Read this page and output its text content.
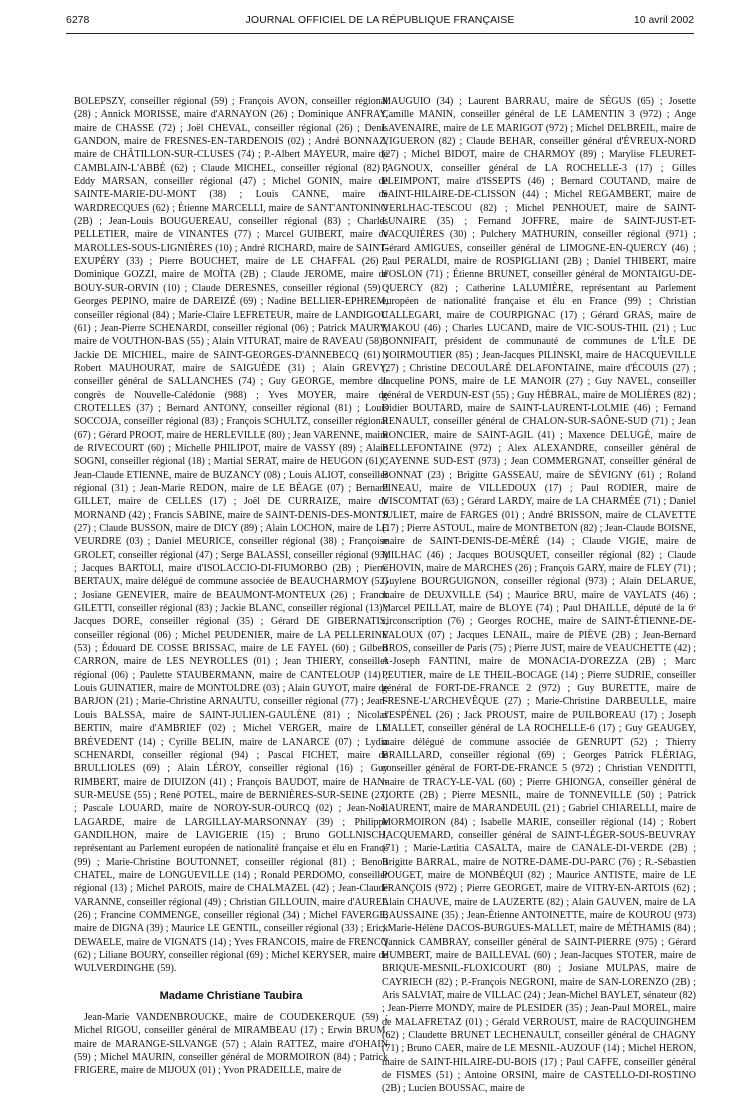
6278	JOURNAL OFFICIEL DE LA RÉPUBLIQUE FRANÇAISE	10 avril 2002

BOLEPSZY, conseiller régional (59) ; François AVON, conseiller régional (28) ; Annick MORISSE, maire d'ARNAYON (26) ; Dominique ANFRAY, maire de CHASSE (72) ; Joël CHEVAL, conseiller régional (26) ; Denis GANDON, maire de FRESNES-EN-TARDENOIS (02) ; André BONNAZ, maire de CHÂTILLON-SUR-CLUSES (74) ; P.-Albert MAYEUR, maire de CAMBLAIN-L'ABBÉ (62) ; Claude MICHEL, conseiller régional (82) ; Eddy MARSAN, conseiller régional (47) ; Michel GONIN, maire de SAINTE-MARIE-DU-MONT (38) ; Louis CANNE, maire de WARDRECQUES (62) ; Étienne MARCELLI, maire de SANT'ANTONINO (2B) ; Jean-Louis BOUGUEREAU, conseiller régional (83) ; Charles PELLETIER, maire de VINANTES (77) ; Marcel GUIBERT, maire de MAROLLES-SOUS-LIGNIÈRES (10) ; André RICHARD, maire de SAINT-EXUPÉRY (33) ; Pierre BOUCHET, maire de LE CHAFFAL (26) ; Dominique GOZZI, maire de MOÏTA (2B) ; Claude JEROME, maire de BOUY-SUR-ORVIN (10) ; Claude DERESNES, conseiller régional (59) ; Georges PEPINO, maire de DAREIZÉ (69) ; Nadine BELLIER-EPHREM, conseiller régional (84) ; Marie-Claire LEFRETEUR, maire de LANDIGOU (61) ; Jean-Pierre SCHENARDI, conseiller régional (06) ; Patrick MAURY, maire de VOUTHON-BAS (55) ; Alain VITURAT, maire de RAVEAU (58) ; Jackie DE MICHIEL, maire de SAINT-GEORGES-D'ANNEBECQ (61) ; Robert MAUHOURAT, maire de SAIGUÈDE (31) ; Alain GREVY, conseiller général de SALLANCHES (74) ; Guy GEORGE, membre du congrès de Nouvelle-Calédonie (988) ; Yves MOYER, maire de CROTELLES (37) ; Bernard ANTONY, conseiller régional (81) ; Louis SOCCOJA, conseiller régional (83) ; François SCHULTZ, conseiller régional (67) ; Gérard PROOT, maire de HERLEVILLE (80) ; Jean VARENNE, maire de RIVECOURT (60) ; Michelle PHILIPOT, maire de VASSY (89) ; Alain SOGNI, conseiller régional (18) ; Martial SERAT, maire de HEUGON (61) ; Jean-Claude ETIENNE, maire de BUZANCY (08) ; Louis ALIOT, conseiller régional (31) ; Jean-Marie REDON, maire de LE BÉAGE (07) ; Bernard GILLET, maire de CELLES (17) ; Joël DE CURRAIZE, maire de MORNAND (42) ; Francis SABINE, maire de SAINT-DENIS-DES-MONTS (27) ; Claude BUSSON, maire de DICY (89) ; Alain LOCHON, maire de LE VEURDRE (03) ; Daniel MEURICE, conseiller régional (38) ; Françoise GROLET, conseiller régional (47) ; Serge BALASSI, conseiller régional (93) ; Jacques BARTOLI, maire d'ISOLACCIO-DI-FIUMORBO (2B) ; Pierre BERTAUX, maire délégué de commune associée de BEAUCHARMOY (52) ; Josiane GENEVIER, maire de BEAUMONT-MONTEUX (26) ; Franck GILETTI, conseiller régional (83) ; Jackie BLANC, conseiller régional (13) ; Jacques DORE, conseiller régional (35) ; Gérard DE GIBERNATIS, conseiller régional (06) ; Michel PEUDENIER, maire de LA PELLERINE (53) ; Édouard DE COSSE BRISSAC, maire de LE FAYEL (60) ; Gilbert CARRON, maire de LES NEYROLLES (01) ; Jean THIERY, conseiller régional (06) ; Paulette STAUBERMANN, maire de CANTELOUP (14) ; Louis GUINATIER, maire de MONTOLDRE (03) ; Alain GUYOT, maire de BARJON (21) ; Marie-Christine ARNAUTU, conseiller régional (77) ; Jean-Louis BALSSA, maire de SAINT-JULIEN-GAULÈNE (81) ; Nicolas BERTIN, maire d'AMBRIEF (02) ; Michel VERGER, maire de LE BRÉVEDENT (14) ; Cyrille BELIN, maire de LANARCE (07) ; Lydia SCHENARDI, conseiller régional (94) ; Pascal FICHET, maire de BRULLIOLES (69) ; Alain LÉROY, conseiller régional (16) ; Guy RIMBERT, maire de DIUIZON (41) ; François BAUDOT, maire de HAN-SUR-MEUSE (55) ; René POTEL, maire de BERNIÈRES-SUR-SEINE (27) ; Pascale LOUARD, maire de NOROY-SUR-OURCQ (02) ; Jean-Noël LAGARDE, maire de LARGILLAY-MARSONNAY (39) ; Philippe GANDILHON, maire de LAVIGERIE (15) ; Bruno GOLLNISCH, représentant au Parlement européen de nationalité française et élu en France (99) ; Marie-Christine BOUTONNET, conseiller régional (81) ; Benoît CHATEL, maire de LONGUEVILLE (14) ; Ronald PERDOMO, conseiller régional (13) ; Michel PAROIS, maire de CHALMAZEL (42) ; Jean-Claude VARANNE, conseiller régional (49) ; Christian GILLOUIN, maire d'AUREL (26) ; Francine COMMENGE, conseiller régional (34) ; Michel FAVERGE, maire de DIGNA (39) ; Maurice LE GENTIL, conseiller régional (33) ; Erick DEWAELE, maire de VIGNATS (14) ; Yves FRANCOIS, maire de FRENCQ (62) ; Liliane BOURY, conseiller régional (69) ; Michel KERYSER, maire de WULVERDINGHE (59).

Madame Christiane Taubira

Jean-Marie VANDENBROUCKE, maire de COUDEKERQUE (59) ; Michel RIGOU, conseiller général de MIRAMBEAU (17) ; Erwin BRUM, maire de MARANGE-SILVANGE (57) ; Alain RATTEZ, maire d'OHAIN (59) ; Michel MAURIN, conseiller général de MORMOIRON (84) ; Patrick FRIGERE, maire de MIJOUX (01) ; Yvon PRADEILLE, maire de

MAUGUIO (34) ; Laurent BARRAU, maire de SÉGUS (65) ; Josette Camille MANIN, conseiller général de LE LAMENTIN 3 (972) ; Ange LAVENAIRE, maire de LE MARIGOT (972) ; Michel DELBREIL, maire de VIGUERON (82) ; Claude BEHAR, conseiller général d'ÉVREUX-NORD (27) ; Michel BIDOT, maire de CHARMOY (89) ; Marylise FLEURET-PAGNOUX, conseiller général de LA ROCHELLE-3 (17) ; Gilles PLEIMPONT, maire d'ISSEPTS (46) ; Bernard COUTAND, maire de SAINT-HILAIRE-DE-CLISSON (44) ; Michel REGAMBERT, maire de VERLHAC-TESCOU (82) ; Michel PENHOUET, maire de SAINT-LUNAIRE (35) ; Fernand JOFFRE, maire de SAINT-JUST-ET-VACQUIÈRES (30) ; Pulchery MATHURIN, conseiller régional (971) ; Gérard AMIGUES, conseiller général de LIMOGNE-EN-QUERCY (46) ; Paul PERALDI, maire de ROSPIGLIANI (2B) ; Daniel THIBERT, maire d'OSLON (71) ; Étienne BRUNET, conseiller général de MONTAIGU-DE-QUERCY (82) ; Catherine LALUMIÈRE, représentant au Parlement européen de nationalité française et élu en France (99) ; Christian CALLEGARI, maire de COURPIGNAC (17) ; Gérard GRAS, maire de MAKOU (46) ; Charles LUCAND, maire de VIC-SOUS-THIL (21) ; Luc BONNIFAIT, président de communauté de communes de L'ÎLE DE NOIRMOUTIER (85) ; Jean-Jacques PILINSKI, maire de HACQUEVILLE (27) ; Christine DECOULARÉ DELAFONTAINE, maire d'ÉCOUIS (27) ; Jacqueline PONS, maire de LE MANOIR (27) ; Guy NAVEL, conseiller général de VERDUN-EST (55) ; Guy HÉBRAL, maire de MOLIÈRES (82) ; Didier BOUTARD, maire de SAINT-LAURENT-LOLMIE (46) ; Fernand RENAULT, conseiller général de CHALON-SUR-SAÔNE-SUD (71) ; Jean RONCIER, maire de SAINT-AGIL (41) ; Maxence DELUGÉ, maire de BELLEFONTAINE (972) ; Alex ALEXANDRE, conseiller général de CAYENNE SUD-EST (973) ; Jean COMMERGNAT, conseiller général de BONNAT (23) ; Brigitte GASSEAU, maire de SÉVIGNY (61) ; Roland PINEAU, maire de VILLEDOUX (17) ; Paul RODIER, maire de VISCOMTAT (63) ; Gérard LARDY, maire de LA CHARMÉE (71) ; Daniel JULIET, maire de FARGES (01) ; André BRISSON, maire de CLAVETTE (17) ; Pierre ASTOUL, maire de MONTBETON (82) ; Jean-Claude BOISNE, maire de SAINT-DENIS-DE-MÉRÉ (14) ; Claude VIGIE, maire de MILHAC (46) ; Jacques BOUSQUET, conseiller régional (82) ; Claude CHOVIN, maire de MARCHES (26) ; François GARY, maire de FLEY (71) ; Guylene BOURGUIGNON, conseiller régional (973) ; Alain DELARUE, maire de DEUXVILLE (54) ; Maurice BRU, maire de VAYLATS (46) ; Marcel PEILLAT, maire de BLOYE (74) ; Paul DHAILLE, député de la 6ᵉ circonscription (76) ; Georges ROCHE, maire de SAINT-ÉTIENNE-DE-VALOUX (07) ; Jacques LENAIL, maire de PIÈVE (2B) ; Jean-Bernard BROS, conseiller de Paris (75) ; Pierre JUST, maire de VEAUCHETTE (42) ; A-Joseph FANTINI, maire de MONACIA-D'OREZZA (2B) ; Marc PEUTIER, maire de LE THEIL-BOCAGE (14) ; Pierre SUDRIE, conseiller général de FORT-DE-FRANCE 2 (972) ; Guy BURETTE, maire de FRESNE-L'ARCHEVÊQUE (27) ; Marie-Christine DARBEULLE, maire d'ESPÉNEL (26) ; Jack PROUST, maire de PUILBOREAU (17) ; Joseph MALLET, conseiller général de LA ROCHELLE-6 (17) ; Guy GEAUGEY, maire délégué de commune associée de GENRUPT (52) ; Thierry BRAILLARD, conseiller régional (69) ; Georges Patrick FLÉRIAG, conseiller général de FORT-DE-FRANCE 5 (972) ; Christian VENDITTI, maire de TRACY-LE-VAL (60) ; Pierre GHIONGA, conseiller général de CORTE (2B) ; Pierre MESNIL, maire de TONNEVILLE (50) ; Patrick LAURENT, maire de MARANDEUIL (21) ; Gabriel CHIARELLI, maire de MORMOIRON (84) ; Isabelle MARIE, conseiller régional (14) ; Robert JACQUEMARD, conseiller général de SAINT-LÉGER-SOUS-BEUVRAY (71) ; Marie-Lætitia CASALTA, maire de CANALE-DI-VERDE (2B) ; Brigitte BARRAL, maire de NOTRE-DAME-DU-PARC (76) ; R.-Sébastien POUGET, maire de MONBÉQUI (82) ; Maurice ANTISTE, maire de LE FRANÇOIS (972) ; Pierre GEORGET, maire de VITRY-EN-ARTOIS (62) ; Alain CHAUVE, maire de LAUZERTE (82) ; Alain GAUVEN, maire de LA BAUSSAINE (35) ; Jean-Étienne ANTOINETTE, maire de KOUROU (973) ; Marie-Hélène DACOS-BURGUES-MALLET, maire de MÉTHAMIS (84) ; Yannick CAMBRAY, conseiller général de SAINT-PIERRE (975) ; Gérard HUMBERT, maire de BAILLEVAL (60) ; Jean-Jacques STOTER, maire de BRIQUE-MESNIL-FLOXICOURT (80) ; Josiane MULPAS, maire de CAYRIECH (82) ; P.-François NEGRONI, maire de SAN-LORENZO (2B) ; Aris SALVIAT, maire de VILLAC (24) ; Jean-Michel BAYLET, sénateur (82) ; Jean-Pierre MONDY, maire de PLESIDER (35) ; Jean-Paul MOREL, maire de MALAFRETAZ (01) ; Gérald VERROUST, maire de RACQUINGHEM (62) ; Claudette BRUNET LECHENAULT, conseiller général de CHAGNY (71) ; Bruno CAER, maire de LE MESNIL-AUZOUF (14) ; Michel HERON, maire de SAINT-HILAIRE-DU-BOIS (17) ; Paul CAFFE, conseiller général de FISMES (51) ; Antoine ORSINI, maire de CASTELLO-DI-ROSTINO (2B) ; Lucien BOUSSAC, maire de
